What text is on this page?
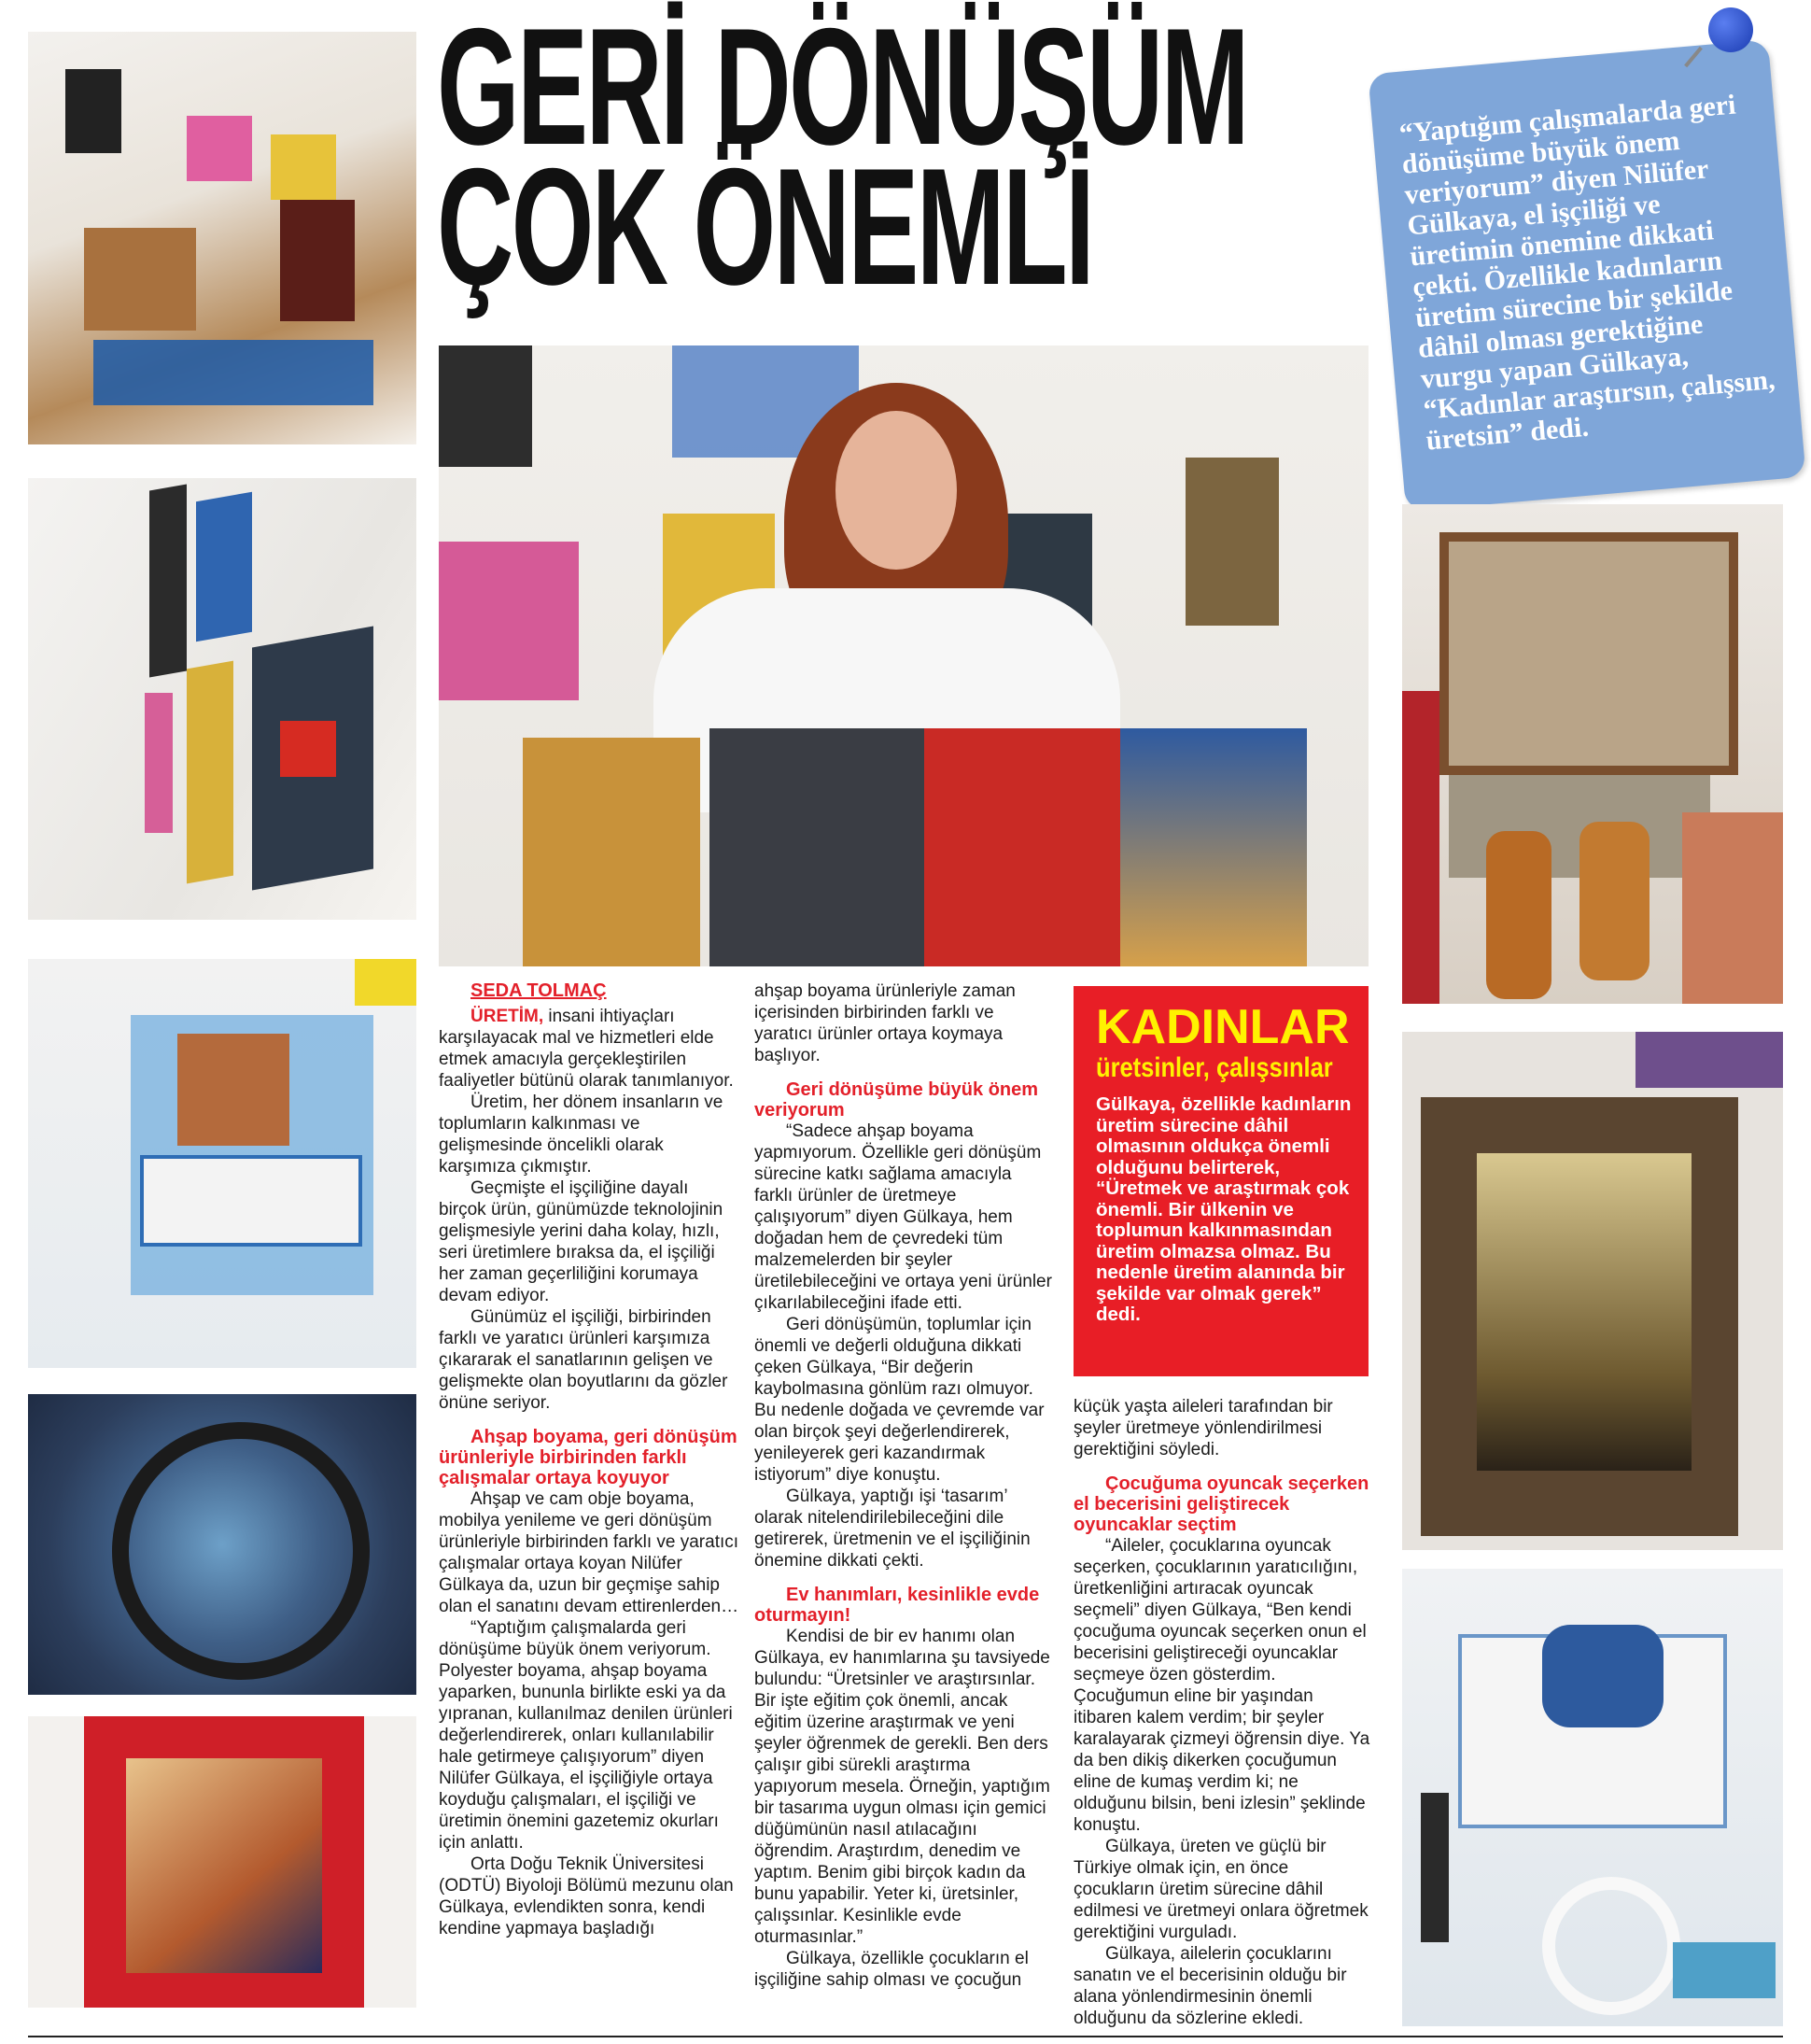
GERİ DÖNÜŞÜM
ÇOK ÖNEMLİ

“Yaptığım çalışmalarda geri dönüşüme büyük önem veriyorum” diyen Nilüfer Gülkaya, el işçiliği ve üretimin önemine dikkati çekti. Özellikle kadınların üretim sürecine bir şekilde dâhil olması gerektiğine vurgu yapan Gülkaya, “Kadınlar araştırsın, çalışsın, üretsin” dedi.

SEDA TOLMAÇ

ÜRETİM, insani ihtiyaçları karşılayacak mal ve hizmetleri elde etmek amacıyla gerçekleştirilen faaliyetler bütünü olarak tanımlanıyor.

Üretim, her dönem insanların ve toplumların kalkınması ve gelişmesinde öncelikli olarak karşımıza çıkmıştır.

Geçmişte el işçiliğine dayalı birçok ürün, günümüzde teknolojinin gelişmesiyle yerini daha kolay, hızlı, seri üretimlere bıraksa da, el işçiliği her zaman geçerliliğini korumaya devam ediyor.

Günümüz el işçiliği, birbirinden farklı ve yaratıcı ürünleri karşımıza çıkararak el sanatlarının gelişen ve gelişmekte olan boyutlarını da gözler önüne seriyor.

Ahşap boyama, geri dönüşüm ürünleriyle birbirinden farklı çalışmalar ortaya koyuyor

Ahşap ve cam obje boyama, mobilya yenileme ve geri dönüşüm ürünleriyle birbirinden farklı ve yaratıcı çalışmalar ortaya koyan Nilüfer Gülkaya da, uzun bir geçmişe sahip olan el sanatını devam ettirenlerden…

“Yaptığım çalışmalarda geri dönüşüme büyük önem veriyorum. Polyester boyama, ahşap boyama yaparken, bununla birlikte eski ya da yıpranan, kullanılmaz denilen ürünleri değerlendirerek, onları kullanılabilir hale getirmeye çalışıyorum” diyen Nilüfer Gülkaya, el işçiliğiyle ortaya koyduğu çalışmaları, el işçiliği ve üretimin önemini gazetemiz okurları için anlattı.

Orta Doğu Teknik Üniversitesi (ODTÜ) Biyoloji Bölümü mezunu olan Gülkaya, evlendikten sonra, kendi kendine yapmaya başladığı

ahşap boyama ürünleriyle zaman içerisinden birbirinden farklı ve yaratıcı ürünler ortaya koymaya başlıyor.

Geri dönüşüme büyük önem veriyorum

“Sadece ahşap boyama yapmıyorum. Özellikle geri dönüşüm sürecine katkı sağlama amacıyla farklı ürünler de üretmeye çalışıyorum” diyen Gülkaya, hem doğadan hem de çevredeki tüm malzemelerden bir şeyler üretilebileceğini ve ortaya yeni ürünler çıkarılabileceğini ifade etti.

Geri dönüşümün, toplumlar için önemli ve değerli olduğuna dikkati çeken Gülkaya, “Bir değerin kaybolmasına gönlüm razı olmuyor. Bu nedenle doğada ve çevremde var olan birçok şeyi değerlendirerek, yenileyerek geri kazandırmak istiyorum” diye konuştu.

Gülkaya, yaptığı işi ‘tasarım’ olarak nitelendirilebileceğini dile getirerek, üretmenin ve el işçiliğinin önemine dikkati çekti.

Ev hanımları, kesinlikle evde oturmayın!

Kendisi de bir ev hanımı olan Gülkaya, ev hanımlarına şu tavsiyede bulundu: “Üretsinler ve araştırsınlar. Bir işte eğitim çok önemli, ancak eğitim üzerine araştırmak ve yeni şeyler öğrenmek de gerekli. Ben ders çalışır gibi sürekli araştırma yapıyorum mesela. Örneğin, yaptığım bir tasarıma uygun olması için gemici düğümünün nasıl atılacağını öğrendim. Araştırdım, denedim ve yaptım. Benim gibi birçok kadın da bunu yapabilir. Yeter ki, üretsinler, çalışsınlar. Kesinlikle evde oturmasınlar.”

Gülkaya, özellikle çocukların el işçiliğine sahip olması ve çocuğun

KADINLAR
üretsinler, çalışsınlar

Gülkaya, özellikle kadınların üretim sürecine dâhil olmasının oldukça önemli olduğunu belirterek, “Üretmek ve araştırmak çok önemli. Bir ülkenin ve toplumun kalkınmasından üretim olmazsa olmaz. Bu nedenle üretim alanında bir şekilde var olmak gerek” dedi.

küçük yaşta aileleri tarafından bir şeyler üretmeye yönlendirilmesi gerektiğini söyledi.

Çocuğuma oyuncak seçerken el becerisini geliştirecek oyuncaklar seçtim

“Aileler, çocuklarına oyuncak seçerken, çocuklarının yaratıcılığını, üretkenliğini artıracak oyuncak seçmeli” diyen Gülkaya, “Ben kendi çocuğuma oyuncak seçerken onun el becerisini geliştireceği oyuncaklar seçmeye özen gösterdim. Çocuğumun eline bir yaşından itibaren kalem verdim; bir şeyler karalayarak çizmeyi öğrensin diye. Ya da ben dikiş dikerken çocuğumun eline de kumaş verdim ki; ne olduğunu bilsin, beni izlesin” şeklinde konuştu.

Gülkaya, üreten ve güçlü bir Türkiye olmak için, en önce çocukların üretim sürecine dâhil edilmesi ve üretmeyi onlara öğretmek gerektiğini vurguladı.

Gülkaya, ailelerin çocuklarını sanatın ve el becerisinin olduğu bir alana yönlendirmesinin önemli olduğunu da sözlerine ekledi.
